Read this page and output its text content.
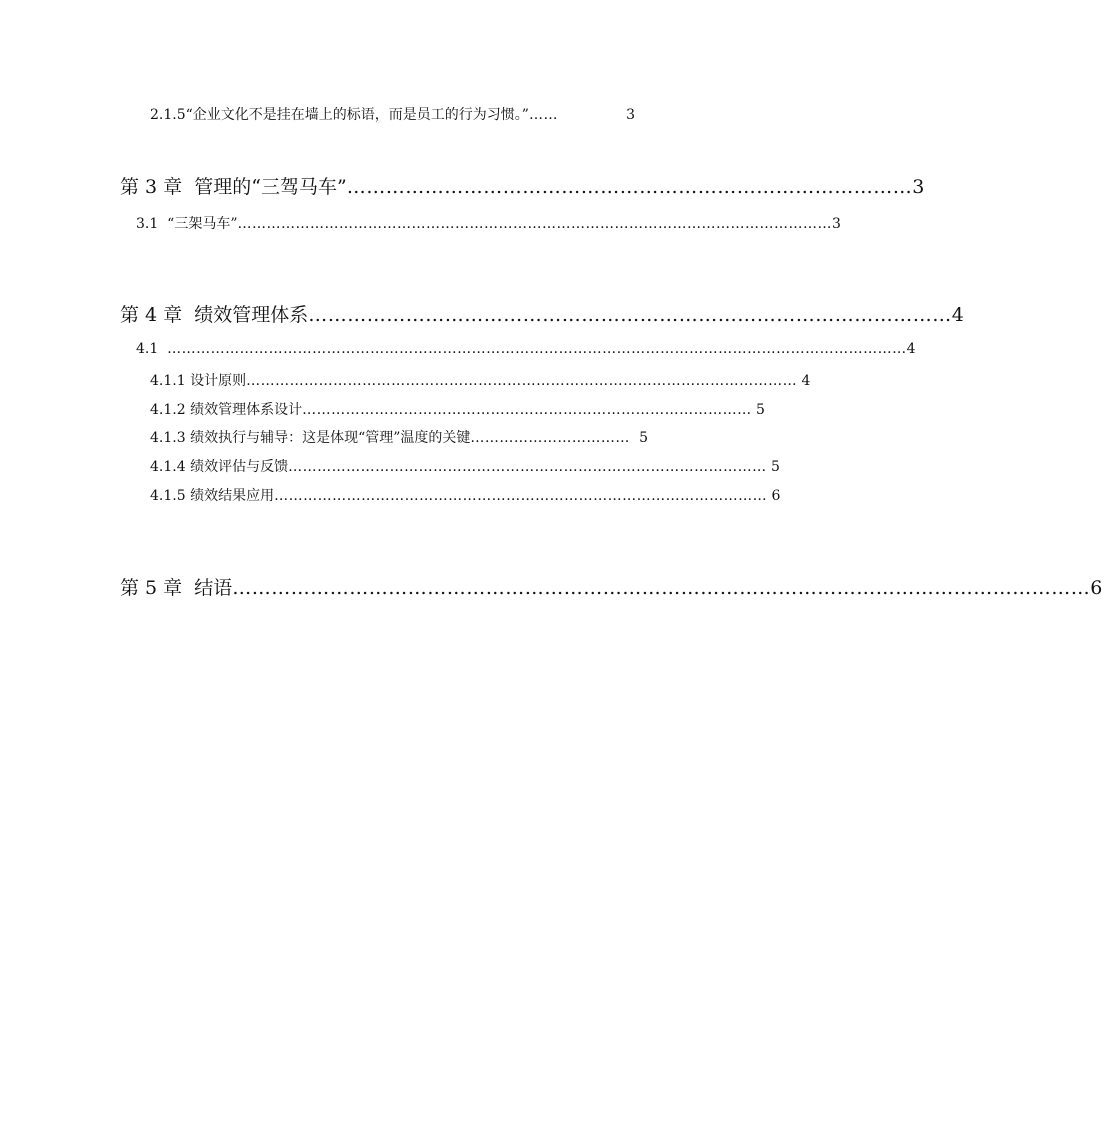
2.1.5“企业文化不是挂在墙上的标语，而是员工的行为习惯。” ……	3
第 3 章  管理的“三驾马车” …………………………………………………………………………… 3
3.1  “三架马车” …………………………………………………………………………………………………………… 3
第 4 章  绩效管理体系 ……………………………………………………………………………………… 4
4.1 ……………………………………………………………………………………………………………………………………… 4
4.1.1 设计原则 …………………………………………………………………………………………………… 4
4.1.2 绩效管理体系设计 ………………………………………………………………………………… 5
4.1.3 绩效执行与辅导：这是体现“管理”温度的关键 …………………………… 5
4.1.4 绩效评估与反馈 ……………………………………………………………………………………… 5
4.1.5 绩效结果应用 ………………………………………………………………………………………… 6
第 5 章  结语 …………………………………………………………………………………………………………………… 6
